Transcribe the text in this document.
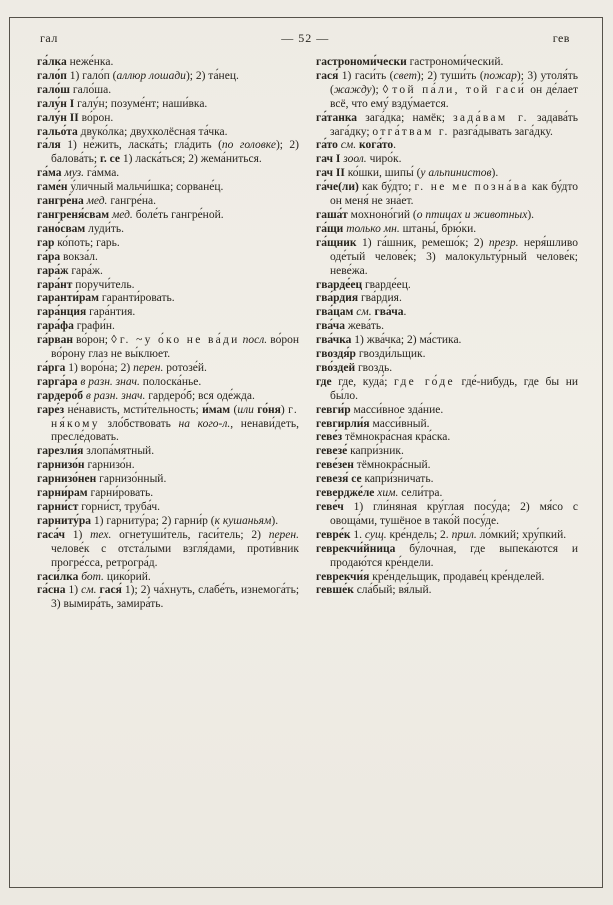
гал	— 52 —	гев

га́лка неже́нка.

гало́п 1) гало́п (аллюр лошади); 2) та́нец.

гало́ш гало́ша.

галу́н I галу́н; позуме́нт; наши́вка.

галу́н II во́рон.

гальо́та двуко́лка; двухколёсная та́чка.

га́ля 1) не́жить, ласка́ть; гла́дить (по головке); 2) балова́ть; г. се 1) ласка́ться; 2) жема́ниться.

га́ма муз. га́мма.

гаме́н у́личный мальчи́шка; сорване́ц.

гангре́на мед. гангре́на.

гангреня́свам мед. боле́ть гангре́ной.

гано́свам луди́ть.

гар ко́поть; гарь.

га́ра вокза́л.

гара́ж гара́ж.

гара́нт поручи́тель.

гаранти́рам гаранти́ровать.

гара́нция гара́нтия.

гара́фа графи́н.

га́рван во́рон; ◊ г. ~у о́ко не ва́ди посл. во́рон во́рону глаз не вы́клюет.

га́рга 1) воро́на; 2) перен. ротозе́й.

гарга́ра в разн. знач. полоска́нье.

гардеро́б в разн. знач. гардеро́б; вся оде́жда.

гаре́з не́нависть, мсти́тельность; и́мам (или го́ня) г. ня́кому зло́бствовать на кого-л., ненави́деть, пресле́довать.

гарезли́я злопа́мятный.

гарнизо́н гарнизо́н.

гарнизо́нен гарнизо́нный.

гарни́рам гарни́ровать.

гарни́ст горни́ст, труба́ч.

гарниту́ра 1) гарниту́ра; 2) гарни́р (к кушаньям).

гаса́ч 1) тех. огнетуши́тель, гаси́тель; 2) перен. челове́к с отста́лыми взгля́дами, проти́вник прогре́сса, ретрогра́д.

гаси́лка бот. цико́рий.

га́сна 1) см. гася́ 1); 2) ча́хнуть, слабе́ть, изнемога́ть; 3) вымира́ть, замира́ть.

гастрономи́чески гастрономи́ческий.

гася́ 1) гаси́ть (свет); 2) туши́ть (пожар); 3) утоля́ть (жажду); ◊ той па́ли, той гаси́ он де́лает всё, что ему́ взду́мается.

га́танка зага́дка; намёк; зада́вам г. задава́ть зага́дку; отга́твам г. разга́дывать зага́дку.

га́то см. кога́то.

гач I зоол. чиро́к.

гач II ко́шки, шипы́ (у альпинистов).

га́че(ли) как бу́дто; г. не ме позна́ва как бу́дто он меня́ не зна́ет.

гаша́т мохноно́гий (о птицах и животных).

га́щи только мн. штаны́, брю́ки.

га́щник 1) га́шник, ремешо́к; 2) презр. неря́шливо оде́тый челове́к; 3) малокульту́рный челове́к; неве́жа.

гварде́ец гварде́ец.

гва́рдия гва́рдия.

гва́цам см. гва́ча.

гва́ча жева́ть.

гва́чка 1) жва́чка; 2) ма́стика.

гвоздя́р гвозди́льщик.

гво́здей гвоздь.

где где, куда́; где го́де где́-нибудь, где бы ни бы́ло.

гевги́р масси́вное зда́ние.

гевгирли́я масси́вный.

геве́з тёмнокра́сная кра́ска.

гевезе́ капри́зник.

геве́зен тёмнокра́сный.

гевезя́ се капри́зничать.

гевердже́ле хим. сели́тра.

геве́ч 1) гли́няная кру́глая посу́да; 2) мя́со с овоща́ми, тушёное в тако́й посу́де.

гевре́к 1. сущ. кре́ндель; 2. прил. ло́мкий; хру́пкий.

геврекчи́йница бу́лочная, где выпека́ются и продаю́тся кре́ндели.

геврекчи́я кре́ндельщик, продаве́ц кре́нделей.

гевше́к сла́бый; вя́лый.
